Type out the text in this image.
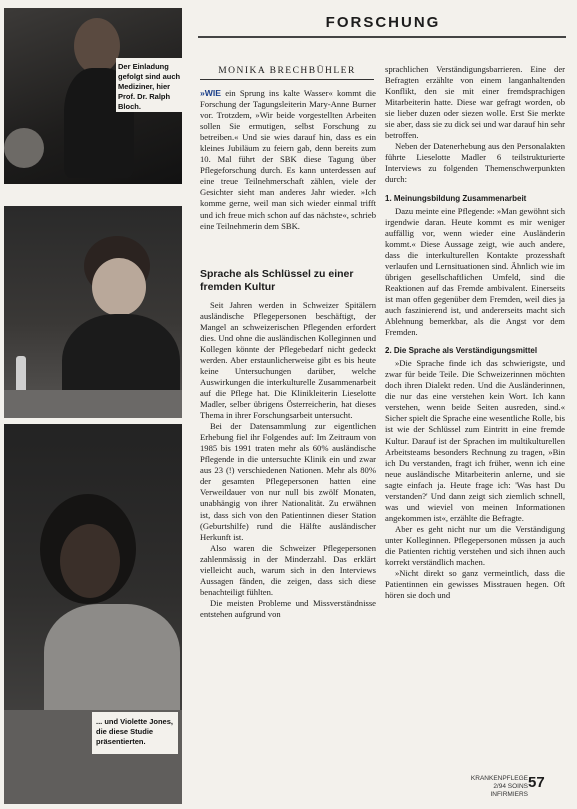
FORSCHUNG
Der Einladung gefolgt sind auch Mediziner, hier Prof. Dr. Ralph Bloch.
... und Violette Jones, die diese Studie präsentierten.
MONIKA BRECHBÜHLER

»WIE ein Sprung ins kalte Wasser« kommt die Forschung der Tagungsleiterin Mary-Anne Burner vor. Trotzdem, »Wir beide vorgestellten Arbeiten sollen Sie ermutigen, selbst Forschung zu betreiben.« Und sie wies darauf hin, dass es ein kleines Jubiläum zu feiern gab, denn bereits zum 10. Mal führt der SBK diese Tagung über Pflegeforschung durch. Es kann unterdessen auf eine treue Teilnehmerschaft zählen, viele der Gesichter sieht man anderes Jahr wieder. »Ich komme gerne, weil man sich wieder einmal trifft und ich freue mich schon auf das nächste«, schrieb eine Teilnehmerin dem SBK.

Sprache als Schlüssel zu einer fremden Kultur

Seit Jahren werden in Schweizer Spitälern ausländische Pflegepersonen beschäftigt, der Mangel an schweizerischen Pflegenden erfordert dies. Und ohne die ausländischen Kolleginnen und Kollegen könnte der Pflegebedarf nicht gedeckt werden. Aber erstaunlicherweise gibt es bis heute keine Untersuchungen darüber, welche Auswirkungen die interkulturelle Zusammenarbeit auf die Pflege hat. Die Klinikleiterin Lieselotte Madler, selber übrigens Österreicherin, hat dieses Thema in ihrer Forschungsarbeit untersucht.

Bei der Datensammlung zur eigentlichen Erhebung fiel ihr Folgendes auf: Im Zeitraum von 1985 bis 1991 traten mehr als 60% ausländische Pflegende in die untersuchte Klinik ein und zwar aus 23 (!) verschiedenen Nationen. Mehr als 80% der gesamten Pflegepersonen hatten eine Verweildauer von nur null bis zwölf Monaten, unabhängig von ihrer Nationalität. Zu erwähnen ist, dass sich von den Patientinnen dieser Station (Geburtshilfe) rund die Hälfte ausländischer Herkunft ist.

Also waren die Schweizer Pflegepersonen zahlenmässig in der Minderzahl. Das erklärt vielleicht auch, warum sich in den Interviews Aussagen fänden, die zeigen, dass sich diese benachteiligt fühlten.

Die meisten Probleme und Missverständnisse entstehen aufgrund von

sprachlichen Verständigungsbarrieren. Eine der Befragten erzählte von einem langanhaltenden Konflikt, den sie mit einer fremdsprachigen Mitarbeiterin hatte. Diese war gefragt worden, ob sie lieber duzen oder siezen wolle. Erst Sie merkte sie aber, dass sie zu dick sei und war darauf hin sehr betroffen.

Neben der Datenerhebung aus den Personalakten führte Lieselotte Madler 6 teilstrukturierte Interviews zu folgenden Themenschwerpunkten durch:

1. Meinungsbildung Zusammenarbeit

Dazu meinte eine Pflegende: »Man gewöhnt sich irgendwie daran. Heute kommt es mir weniger auffällig vor, wenn wieder eine Ausländerin kommt.« Diese Aussage zeigt, wie auch andere, dass die interkulturellen Kontakte prozesshaft verlaufen und Lernsituationen sind. Ähnlich wie im übrigen gesellschaftlichen Umfeld, sind die Reaktionen auf das Fremde ambivalent. Einerseits ist man offen gegenüber dem Fremden, weil dies ja auch faszinierend ist, und andererseits macht sich Ablehnung bemerkbar, als die Angst vor dem Fremden.

2. Die Sprache als Verständigungsmittel

»Die Sprache finde ich das schwierigste, und zwar für beide Teile. Die Schweizerinnen möchten doch ihren Dialekt reden. Und die Ausländerinnen, die nur das eine verstehen kein Wort. Ich kann verstehen, wenn beide Seiten ausreden, sind.« Sicher spielt die Sprache eine wesentliche Rolle, bis ist wie der Schlüssel zum Eintritt in eine fremde Kultur. Darauf ist der Sprachen im multikulturellen Arbeitsteams besonders Rechnung zu tragen, »Bin ich Du verstanden, fragt ich früher, wenn ich eine neue ausländische Mitarbeiterin anlerne, und sie sagte einfach ja. Heute frage ich: 'Was hast Du verstanden?' Und dann zeigt sich ziemlich schnell, was und wieviel von meinen Informationen angekommen ist«, erzählte die Befragte.

Aber es geht nicht nur um die Verständigung unter Kolleginnen. Pflegepersonen müssen ja auch die Patienten richtig verstehen und sich ihnen auch korrekt verständlich machen.

»Nicht direkt so ganz vermeintlich, dass die Patientinnen ein gewisses Misstrauen hegen. Oft hören sie doch und

KRANKENPFLEGE 2/94 SOINS INFIRMIERS
57
